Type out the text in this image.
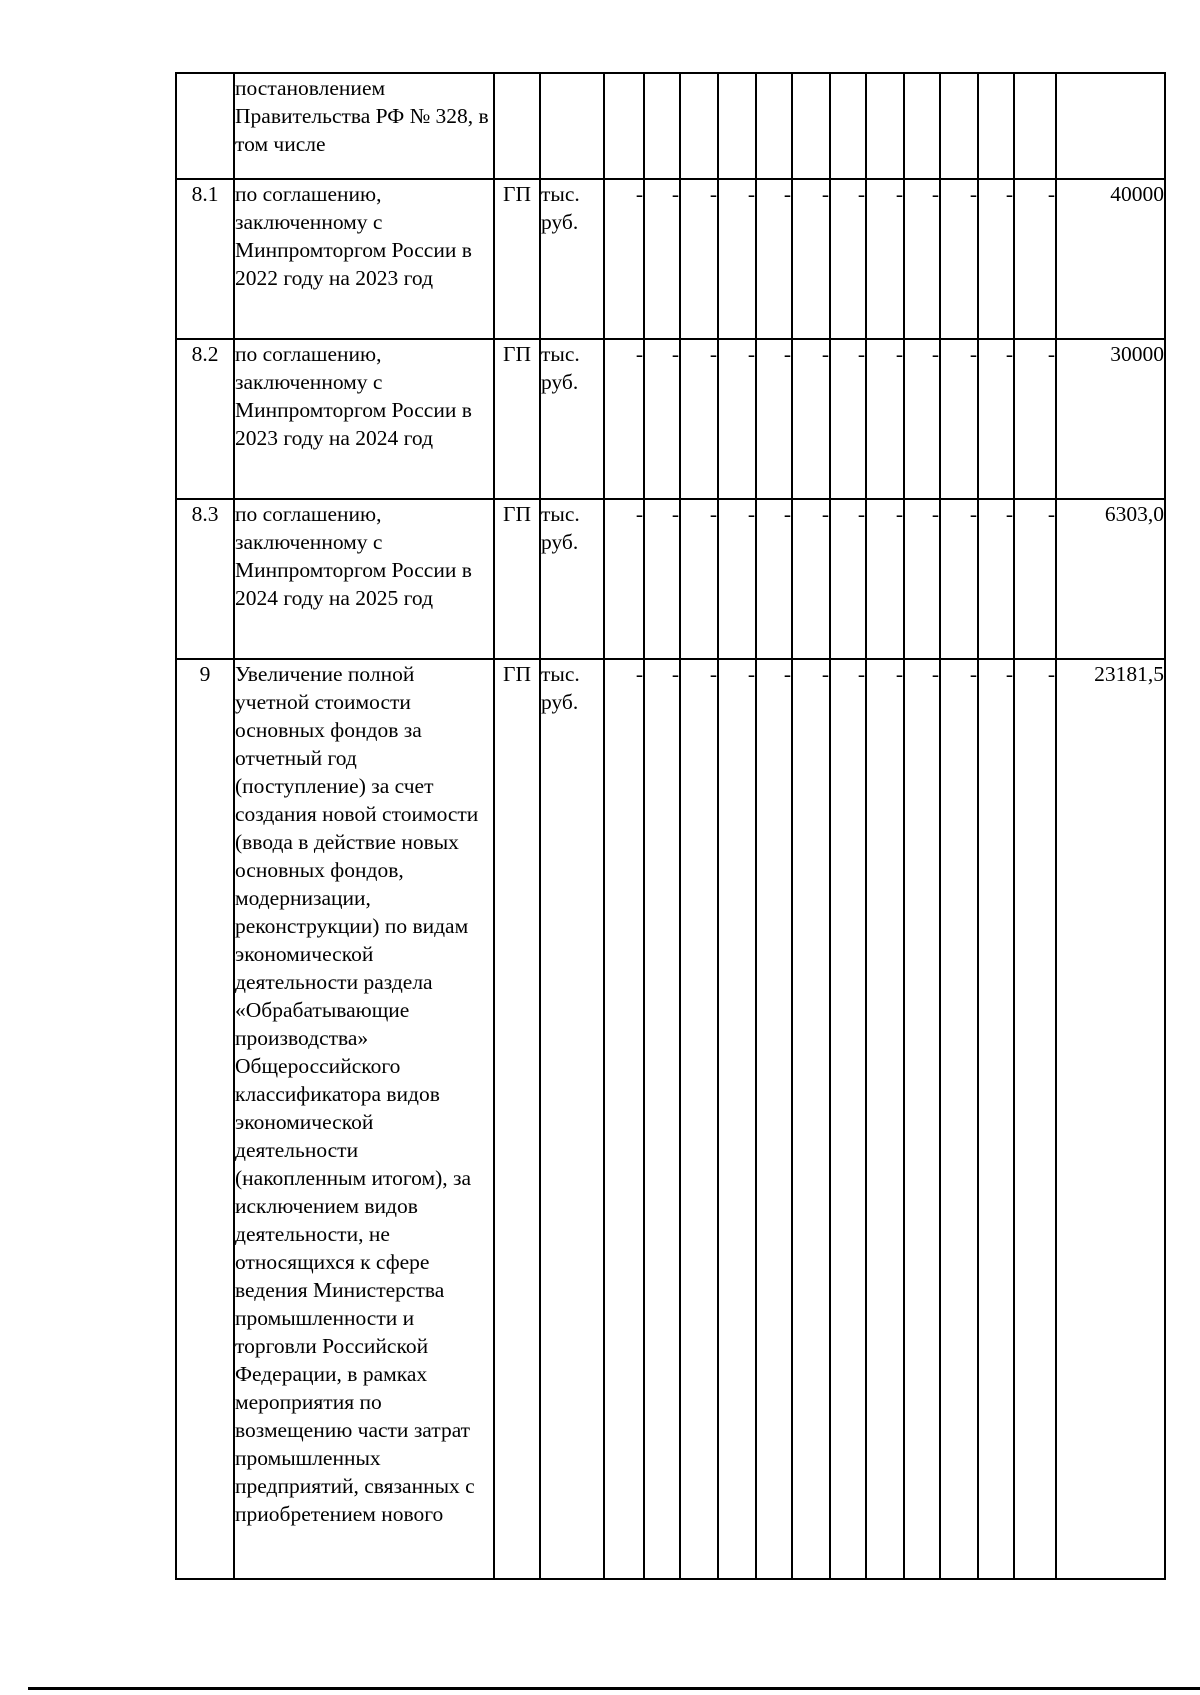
	постановлением Правительства РФ № 328, в том числе															
8.1	по соглашению, заключенному с Минпромторгом России в 2022 году на 2023 год	ГП	тыс. руб.	-	-	-	-	-	-	-	-	-	-	-	-	40000
8.2	по соглашению, заключенному с Минпромторгом России в 2023 году на 2024 год	ГП	тыс. руб.	-	-	-	-	-	-	-	-	-	-	-	-	30000
8.3	по соглашению, заключенному с Минпромторгом России в 2024 году на 2025 год	ГП	тыс. руб.	-	-	-	-	-	-	-	-	-	-	-	-	6303,0
9	Увеличение полной учетной стоимости основных фондов за отчетный год (поступление) за счет создания новой стоимости (ввода в действие новых основных фондов, модернизации, реконструкции) по видам экономической деятельности раздела «Обрабатывающие производства» Общероссийского классификатора видов экономической деятельности (накопленным итогом), за исключением видов деятельности, не относящихся к сфере ведения Министерства промышленности и торговли Российской Федерации, в рамках мероприятия по возмещению части затрат промышленных предприятий, связанных с приобретением нового	ГП	тыс. руб.	-	-	-	-	-	-	-	-	-	-	-	-	23181,5
